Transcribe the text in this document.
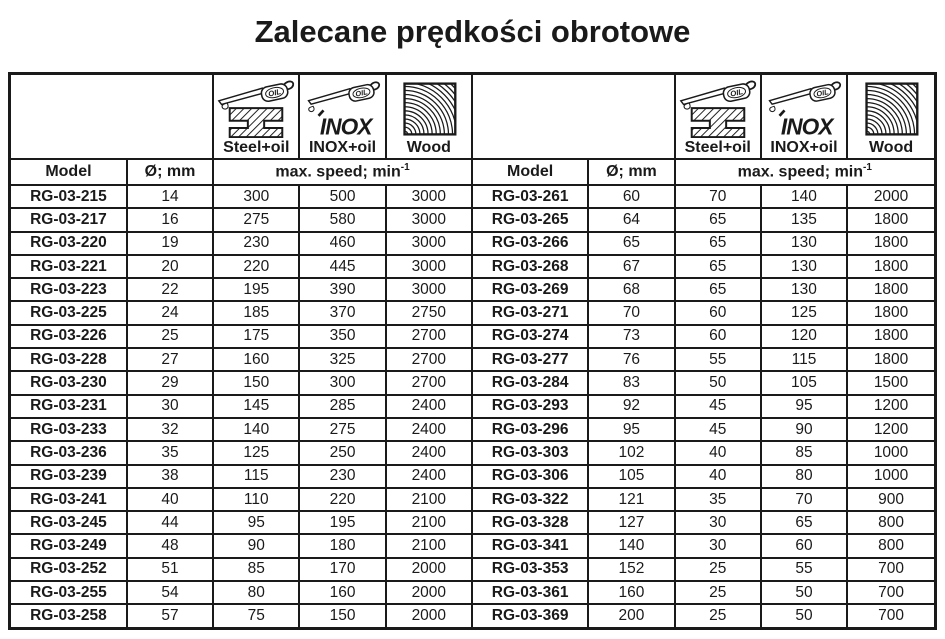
Zalecane prędkości obrotowe

		Steel+oil	INOX+oil	Wood			Steel+oil	INOX+oil	Wood

Model	Ø; mm	max. speed; $\min^{-1}$			Model	Ø; mm	max. speed; $\min^{-1}$
RG-03-215	14	300	500	3000	RG-03-261	60	70	140	2000
RG-03-217	16	275	580	3000	RG-03-265	64	65	135	1800
RG-03-220	19	230	460	3000	RG-03-266	65	65	130	1800
RG-03-221	20	220	445	3000	RG-03-268	67	65	130	1800
RG-03-223	22	195	390	3000	RG-03-269	68	65	130	1800
RG-03-225	24	185	370	2750	RG-03-271	70	60	125	1800
RG-03-226	25	175	350	2700	RG-03-274	73	60	120	1800
RG-03-228	27	160	325	2700	RG-03-277	76	55	115	1800
RG-03-230	29	150	300	2700	RG-03-284	83	50	105	1500
RG-03-231	30	145	285	2400	RG-03-293	92	45	95	1200
RG-03-233	32	140	275	2400	RG-03-296	95	45	90	1200
RG-03-236	35	125	250	2400	RG-03-303	102	40	85	1000
RG-03-239	38	115	230	2400	RG-03-306	105	40	80	1000
RG-03-241	40	110	220	2100	RG-03-322	121	35	70	900
RG-03-245	44	95	195	2100	RG-03-328	127	30	65	800
RG-03-249	48	90	180	2100	RG-03-341	140	30	60	800
RG-03-252	51	85	170	2000	RG-03-353	152	25	55	700
RG-03-255	54	80	160	2000	RG-03-361	160	25	50	700
RG-03-258	57	75	150	2000	RG-03-369	200	25	50	700
